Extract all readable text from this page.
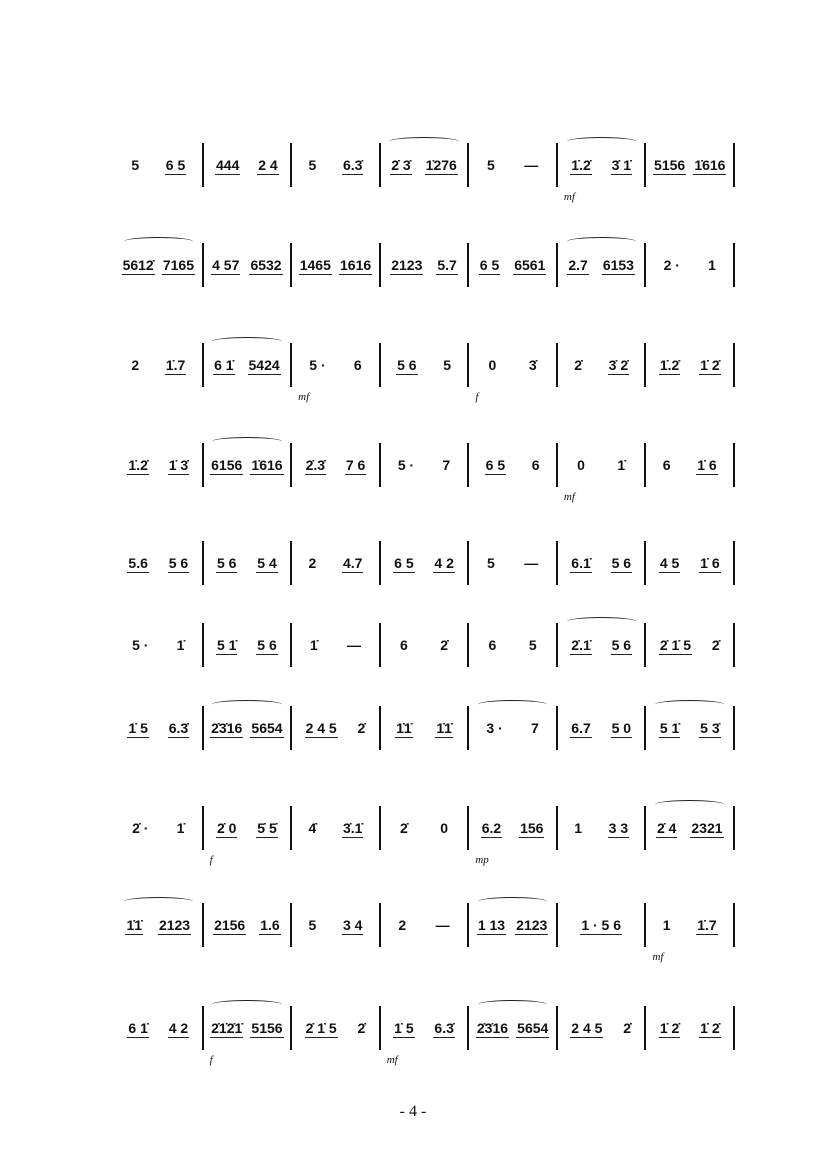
5 6 5 444 2 4 5 6.3̇ 2̇ 3̇ 1̇276 5 — 1̇.2̇ 3̇ 1̇
mf
5156 1̇616
5612̇ 7165 4 57 6532 1465 1616 2123 5.7 6 5 6561 2.7 6153 2 · 1
2 1̇.7 6 1̇ 5424 5 · 6
mf
5 6 5	0 3̇
f
2̇ 3̇ 2̇ 1̇.2̇ 1̇ 2̇
1̇.2̇ 1̇ 3̇ 6156 1̇616 2̇.3̇ 7 6 5 · 7	6 5 6	0 1̇
mf
6 1̇ 6
5.6 5 6 5 6 5 4 2 4.7 6 5 4 2 5 — 6.1̇ 5 6 4 5 1̇ 6
5 · 1̇ 5 1̇ 5 6 1̇ —	6 2̇	6 5 2̇.1̇ 5 6 2̇ 1̇ 5 2̇
1̇ 5 6.3̇ 2̇3̇16 5654 2 4 5 2̇ 1̇1̇ 1̇1̇ 3 · 7 6.7 5 0 5 1̇ 5 3̇
2̇ · 1̇ 2̇ 0 5̇ 5̇
f
4̇ 3̇.1̇	2̇ 0 6.2 156
mp
1 3 3 2̇ 4 2321
1̇1̇ 2123 2156 1.6 5 3 4	2 — 1 13 2123 1 · 5 6	1 1̇.7
mf
6 1̇ 4 2 2̇1̇2̇1̇ 5156
f
2̇ 1̇ 5 2̇ 1̇ 5 6.3̇
mf
2̇3̇16 5654 2 4 5 2̇ 1̇ 2̇ 1̇ 2̇
- 4 -
